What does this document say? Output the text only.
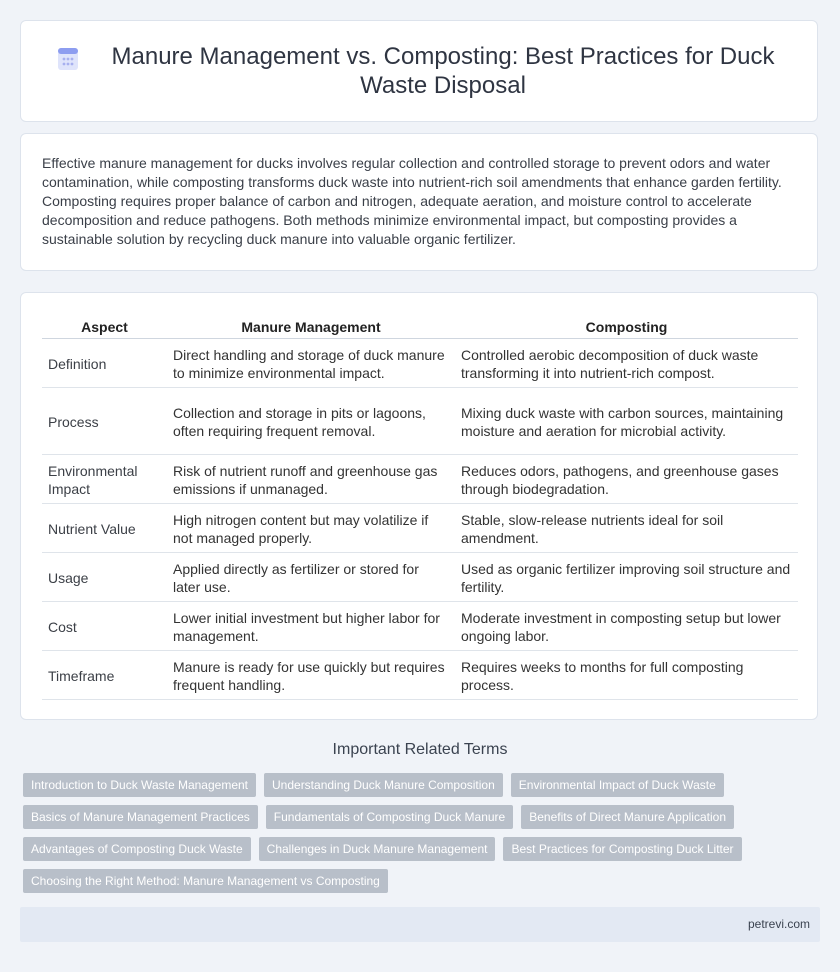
Manure Management vs. Composting: Best Practices for Duck Waste Disposal

Effective manure management for ducks involves regular collection and controlled storage to prevent odors and water contamination, while composting transforms duck waste into nutrient-rich soil amendments that enhance garden fertility. Composting requires proper balance of carbon and nitrogen, adequate aeration, and moisture control to accelerate decomposition and reduce pathogens. Both methods minimize environmental impact, but composting provides a sustainable solution by recycling duck manure into valuable organic fertilizer.

Aspect	Manure Management	Composting
Definition	Direct handling and storage of duck manure to minimize environmental impact.	Controlled aerobic decomposition of duck waste transforming it into nutrient-rich compost.
Process	Collection and storage in pits or lagoons, often requiring frequent removal.	Mixing duck waste with carbon sources, maintaining moisture and aeration for microbial activity.
Environmental Impact	Risk of nutrient runoff and greenhouse gas emissions if unmanaged.	Reduces odors, pathogens, and greenhouse gases through biodegradation.
Nutrient Value	High nitrogen content but may volatilize if not managed properly.	Stable, slow-release nutrients ideal for soil amendment.
Usage	Applied directly as fertilizer or stored for later use.	Used as organic fertilizer improving soil structure and fertility.
Cost	Lower initial investment but higher labor for management.	Moderate investment in composting setup but lower ongoing labor.
Timeframe	Manure is ready for use quickly but requires frequent handling.	Requires weeks to months for full composting process.
Important Related Terms
Introduction to Duck Waste Management	Understanding Duck Manure Composition	Environmental Impact of Duck Waste
Basics of Manure Management Practices	Fundamentals of Composting Duck Manure	Benefits of Direct Manure Application
Advantages of Composting Duck Waste	Challenges in Duck Manure Management	Best Practices for Composting Duck Litter
Choosing the Right Method: Manure Management vs Composting
petrevi.com
